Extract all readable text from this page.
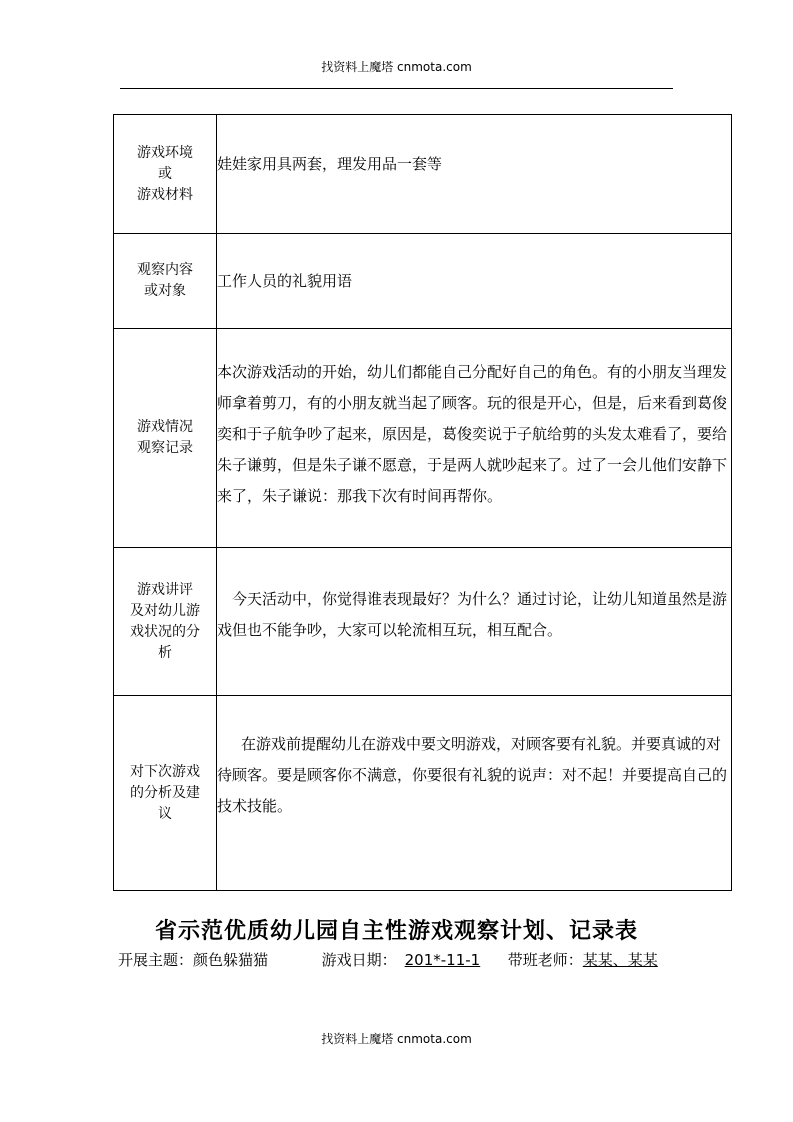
找资料上魔塔 cnmota.com
游戏环境
或
游戏材料	娃娃家用具两套，理发用品一套等

观察内容
或对象	工作人员的礼貌用语

游戏情况
观察记录	本次游戏活动的开始，幼儿们都能自己分配好自己的角色。有的小朋友当理发师拿着剪刀，有的小朋友就当起了顾客。玩的很是开心，但是，后来看到葛俊奕和于子航争吵了起来，原因是，葛俊奕说于子航给剪的头发太难看了，要给朱子谦剪，但是朱子谦不愿意，于是两人就吵起来了。过了一会儿他们安静下来了，朱子谦说：那我下次有时间再帮你。

游戏讲评
及对幼儿游
戏状况的分
析	今天活动中，你觉得谁表现最好？为什么？通过讨论，让幼儿知道虽然是游戏但也不能争吵，大家可以轮流相互玩，相互配合。

对下次游戏
的分析及建
议	在游戏前提醒幼儿在游戏中要文明游戏，对顾客要有礼貌。并要真诚的对待顾客。要是顾客你不满意，你要很有礼貌的说声：对不起！并要提高自己的技术技能。
省示范优质幼儿园自主性游戏观察计划、记录表
开展主题：颜色躲猫猫	游戏日期： 201*-11-1 带班老师：某某、某某
找资料上魔塔 cnmota.com
